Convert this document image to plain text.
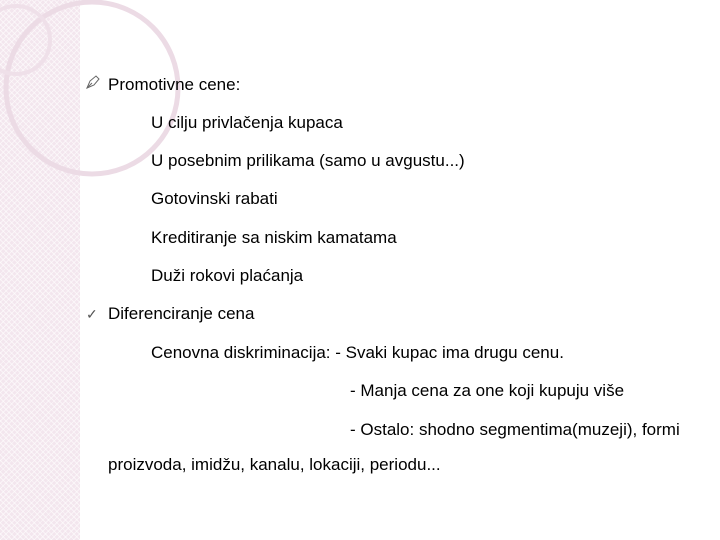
Promotivne cene:
U cilju privlačenja kupaca
U posebnim prilikama (samo u avgustu...)
Gotovinski rabati
Kreditiranje sa niskim kamatama
Duži rokovi plaćanja
✓ Diferenciranje cena
Cenovna diskriminacija: - Svaki kupac ima drugu cenu.
- Manja cena za one koji kupuju više
- Ostalo: shodno segmentima(muzeji), formi
proizvoda, imidžu, kanalu, lokaciji, periodu...
